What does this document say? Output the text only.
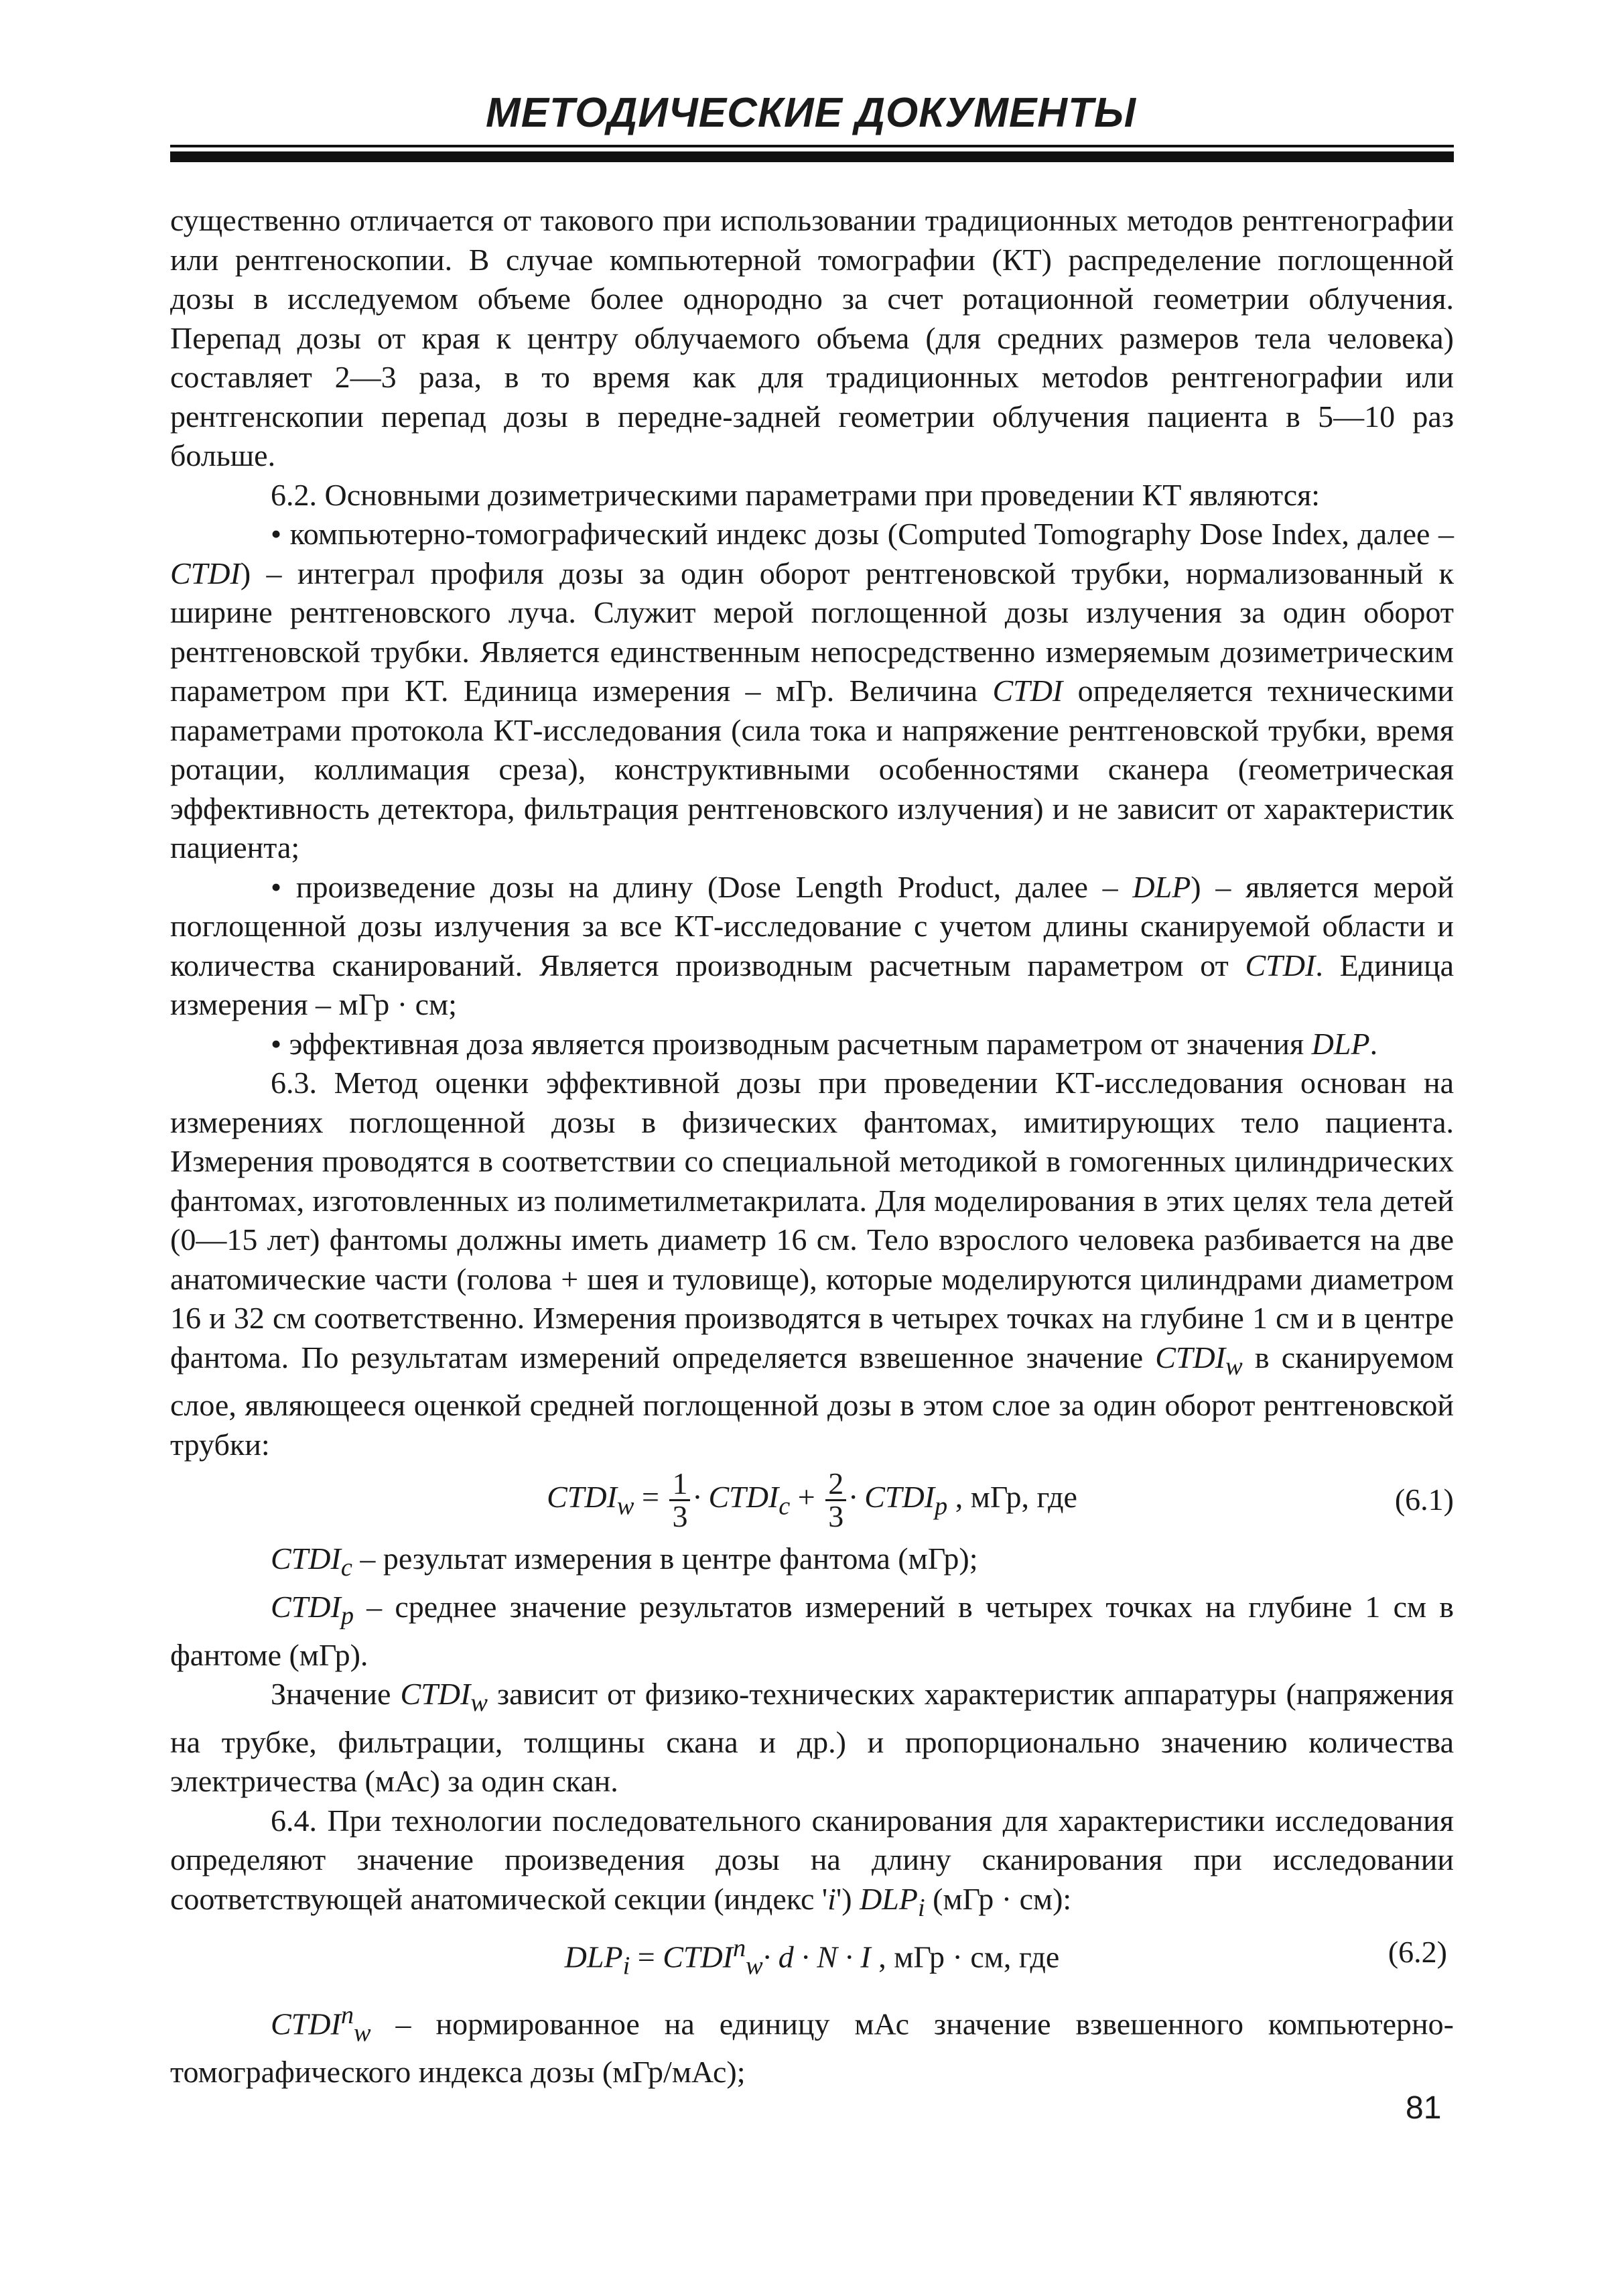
МЕТОДИЧЕСКИЕ ДОКУМЕНТЫ

существенно отличается от такового при использовании традиционных методов рентгенографии или рентгеноскопии. В случае компьютерной томографии (КТ) распределение поглощенной дозы в исследуемом объеме более однородно за счет ротационной геометрии облучения. Перепад дозы от края к центру облучаемого объема (для средних размеров тела человека) составляет 2—3 раза, в то время как для традиционных метоdов рентгенографии или рентгенскопии перепад дозы в передне-задней геометрии облучения пациента в 5—10 раз больше.

6.2. Основными дозиметрическими параметрами при проведении КТ являются:

• компьютерно-томографический индекс дозы (Computed Tomography Dose Index, далее – CTDI) – интеграл профиля дозы за один оборот рентгеновской трубки, нормализованный к ширине рентгеновского луча. Служит мерой поглощенной дозы излучения за один оборот рентгеновской трубки. Является единственным непосредственно измеряемым дозиметрическим параметром при КТ. Единица измерения – мГр. Величина CTDI определяется техническими параметрами протокола КТ-исследования (сила тока и напряжение рентгеновской трубки, время ротации, коллимация среза), конструктивными особенностями сканера (геометрическая эффективность детектора, фильтрация рентгеновского излучения) и не зависит от характеристик пациента;

• произведение дозы на длину (Dose Length Product, далее – DLP) – является мерой поглощенной дозы излучения за все КТ-исследование с учетом длины сканируемой области и количества сканирований. Является производным расчетным параметром от CTDI. Единица измерения – мГр · см;

• эффективная доза является производным расчетным параметром от значения DLP.

6.3. Метод оценки эффективной дозы при проведении КТ-исследования основан на измерениях поглощенной дозы в физических фантомах, имитирующих тело пациента. Измерения проводятся в соответствии со специальной методикой в гомогенных цилиндрических фантомах, изготовленных из полиметилметакрилата. Для моделирования в этих целях тела детей (0—15 лет) фантомы должны иметь диаметр 16 см. Тело взрослого человека разбивается на две анатомические части (голова + шея и туловище), которые моделируются цилиндрами диаметром 16 и 32 см соответственно. Измерения производятся в четырех точках на глубине 1 см и в центре фантома. По результатам измерений определяется взвешенное значение $CTDI_w$ в сканируемом слое, являющееся оценкой средней поглощенной дозы в этом слое за один оборот рентгеновской трубки:

$CTDI_w = \frac{1}{3}$ · $CTDI_c + \frac{2}{3}$ · $CTDI_p$ , мГр, где	(6.1)

$CTDI_c$ – результат измерения в центре фантома (мГр);

$CTDI_p$ – среднее значение результатов измерений в четырех точках на глубине 1 см в фантоме (мГр).

Значение $CTDI_w$ зависит от физико-технических характеристик аппаратуры (напряжения на трубке, фильтрации, толщины скана и др.) и пропорционально значению количества электричества (мАс) за один скан.

6.4. При технологии последовательного сканирования для характеристики исследования определяют значение произведения дозы на длину сканирования при исследовании соответствующей анатомической секции (индекс 'i') $DLP_i$ (мГр · см):

$DLP_i$ = $CTDI^n_w\cdot d \cdot N \cdot I$ , мГр · см, где	(6.2)

$CTDI^n_w$ – нормированное на единицу мАс значение взвешенного компьютерно-томографического индекса дозы (мГр/мАс);

81
